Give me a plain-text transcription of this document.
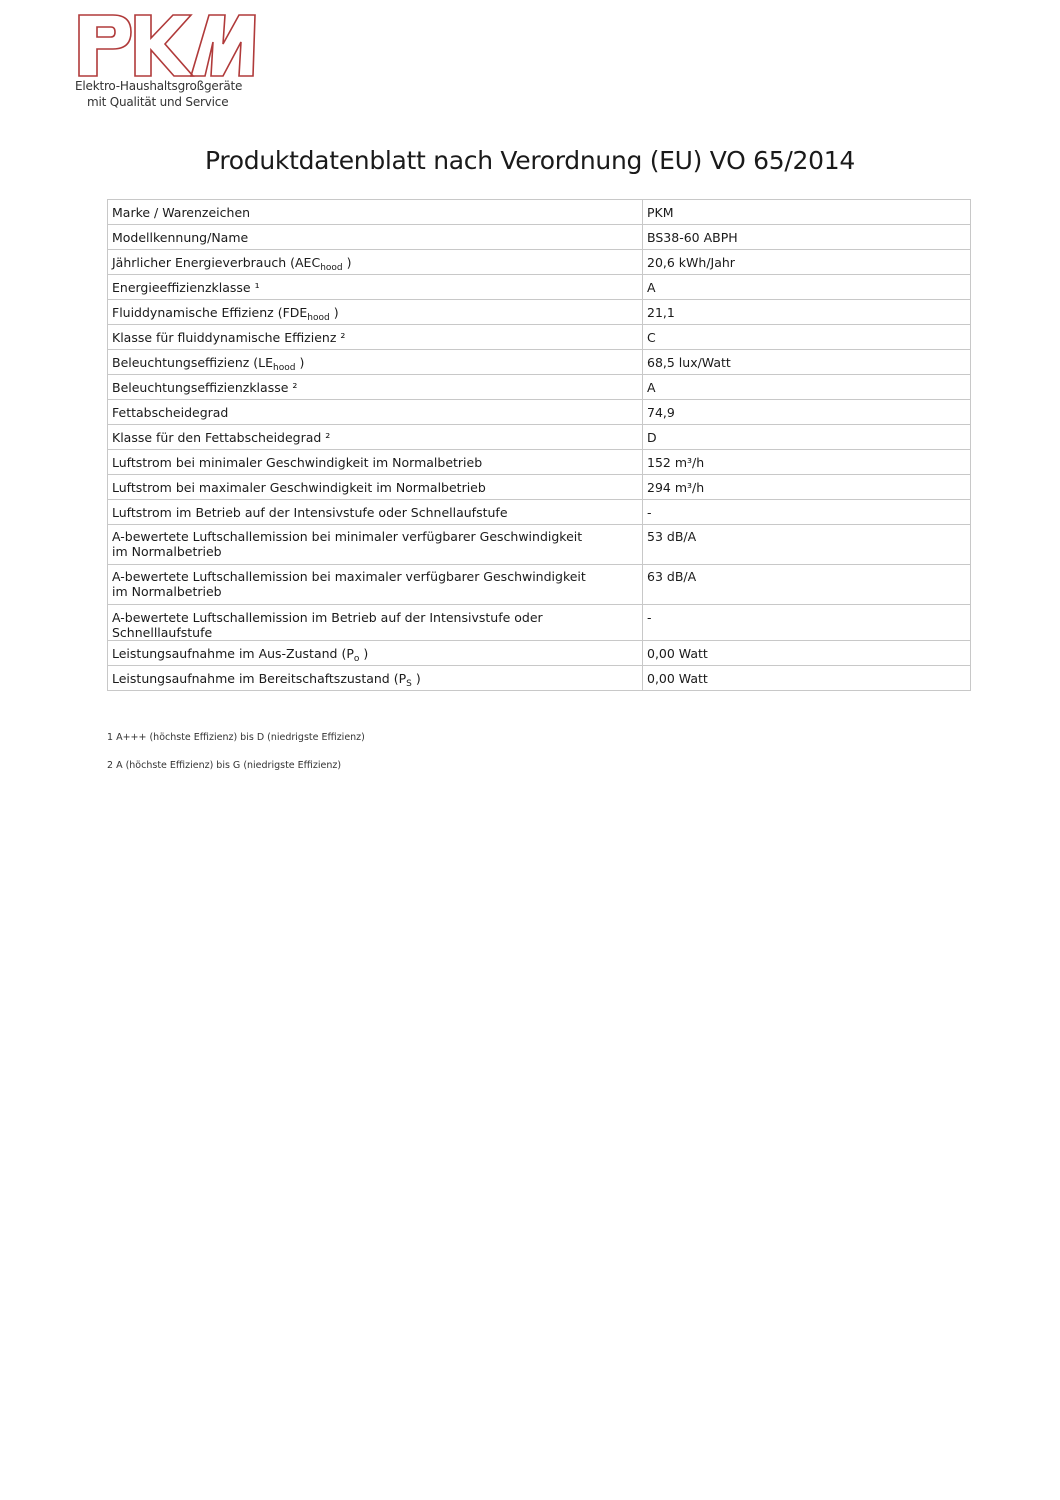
Elektro-Haushaltsgroßgeräte
mit Qualität und Service
Produktdatenblatt nach Verordnung (EU) VO 65/2014
Marke / Warenzeichen	PKM
Modellkennung/Name	BS38-60 ABPH
Jährlicher Energieverbrauch ($AEC_{hood}$ )	20,6 kWh/Jahr
Energieeffizienzklasse ¹	A
Fluiddynamische Effizienz ($FDE_{hood}$ )	21,1
Klasse für fluiddynamische Effizienz ²	C
Beleuchtungseffizienz ($LE_{hood}$ )	68,5 lux/Watt
Beleuchtungseffizienzklasse ²	A
Fettabscheidegrad	74,9
Klasse für den Fettabscheidegrad ²	D
Luftstrom bei minimaler Geschwindigkeit im Normalbetrieb	152 m³/h
Luftstrom bei maximaler Geschwindigkeit im Normalbetrieb	294 m³/h
Luftstrom im Betrieb auf der Intensivstufe oder Schnellaufstufe	-
A-bewertete Luftschallemission bei minimaler verfügbarer Geschwindigkeit
im Normalbetrieb	53 dB/A
A-bewertete Luftschallemission bei maximaler verfügbarer Geschwindigkeit
im Normalbetrieb	63 dB/A
A-bewertete Luftschallemission im Betrieb auf der Intensivstufe oder Schnelllaufstufe	-
Leistungsaufnahme im Aus-Zustand ($P_o$ )	0,00 Watt
Leistungsaufnahme im Bereitschaftszustand ($P_S$ )	0,00 Watt
1 A+++ (höchste Effizienz) bis D (niedrigste Effizienz)
2 A (höchste Effizienz) bis G (niedrigste Effizienz)
